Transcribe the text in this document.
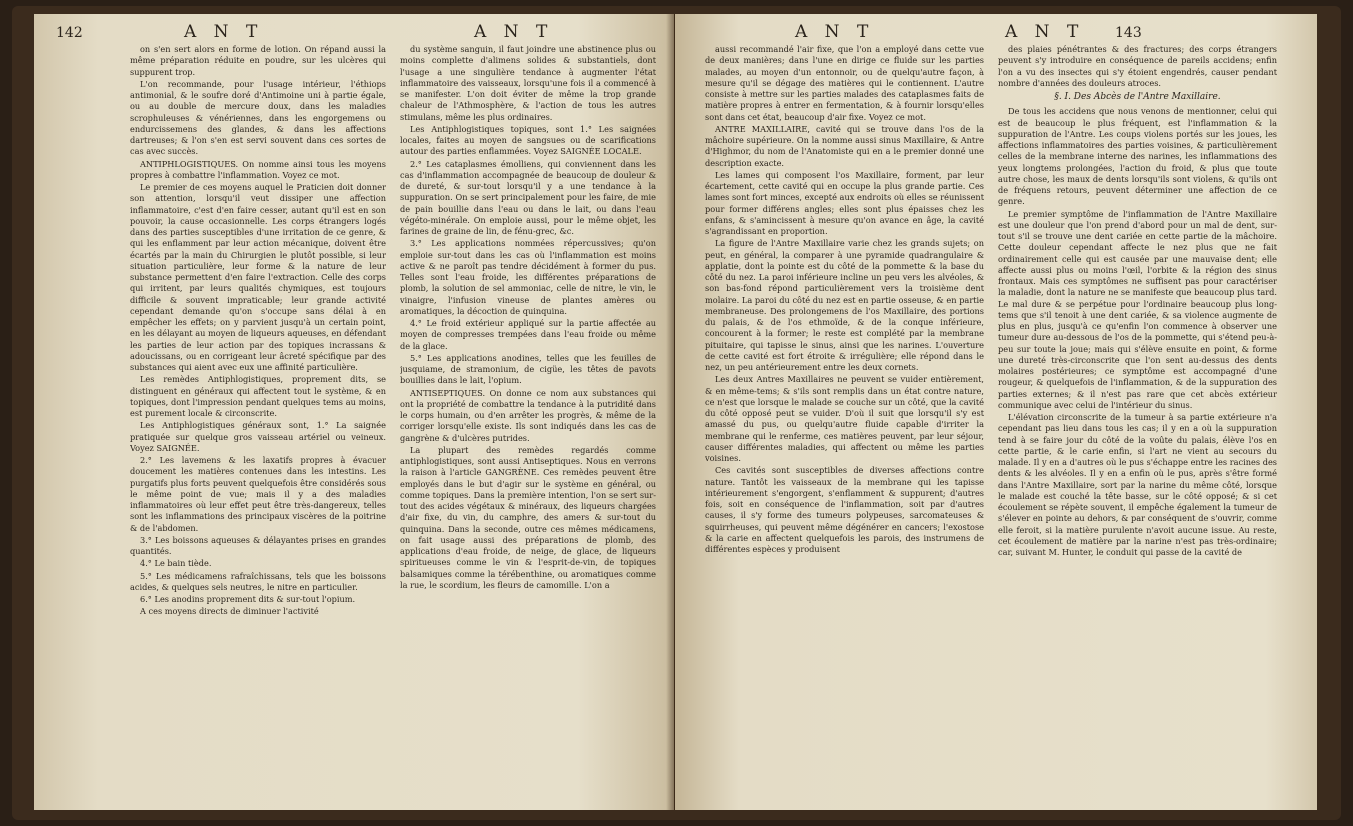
142	A N T	A N T

on s'en sert alors en forme de lotion. On répand aussi la même préparation réduite en poudre, sur les ulcères qui suppurent trop.

L'on recommande, pour l'usage intérieur, l'éthiops antimonial, & le soufre doré d'Antimoine uni à partie égale, ou au double de mercure doux, dans les maladies scrophuleuses & vénériennes, dans les engorgemens ou endurcissemens des glandes, & dans les affections dartreuses; & l'on s'en est servi souvent dans ces sortes de cas avec succès.

ANTIPHLOGISTIQUES. On nomme ainsi tous les moyens propres à combattre l'inflammation. Voyez ce mot.

Le premier de ces moyens auquel le Praticien doit donner son attention, lorsqu'il veut dissiper une affection inflammatoire, c'est d'en faire cesser, autant qu'il est en son pouvoir, la cause occasionnelle. Les corps étrangers logés dans des parties susceptibles d'une irritation de ce genre, & qui les enflamment par leur action mécanique, doivent être écartés par la main du Chirurgien le plutôt possible, si leur situation particulière, leur forme & la nature de leur substance permettent d'en faire l'extraction. Celle des corps qui irritent, par leurs qualités chymiques, est toujours difficile & souvent impraticable; leur grande activité cependant demande qu'on s'occupe sans délai à en empêcher les effets; on y parvient jusqu'à un certain point, en les délayant au moyen de liqueurs aqueuses, en défendant les parties de leur action par des topiques incrassans & adoucissans, ou en corrigeant leur âcreté spécifique par des substances qui aient avec eux une affinité particulière.

Les remèdes Antiphlogistiques, proprement dits, se distinguent en généraux qui affectent tout le système, & en topiques, dont l'impression pendant quelques tems au moins, est purement locale & circonscrite.

Les Antiphlogistiques généraux sont, 1.° La saignée pratiquée sur quelque gros vaisseau artériel ou veineux. Voyez SAIGNÉE.

2.° Les lavemens & les laxatifs propres à évacuer doucement les matières contenues dans les intestins. Les purgatifs plus forts peuvent quelquefois être considérés sous le même point de vue; mais il y a des maladies inflammatoires où leur effet peut être très-dangereux, telles sont les inflammations des principaux viscères de la poitrine & de l'abdomen.

3.° Les boissons aqueuses & délayantes prises en grandes quantités.

4.° Le bain tiède.

5.° Les médicamens rafraîchissans, tels que les boissons acides, & quelques sels neutres, le nitre en particulier.

6.° Les anodins proprement dits & sur-tout l'opium.

A ces moyens directs de diminuer l'activité

du système sanguin, il faut joindre une abstinence plus ou moins complette d'alimens solides & substantiels, dont l'usage a une singulière tendance à augmenter l'état inflammatoire des vaisseaux, lorsqu'une fois il a commencé à se manifester. L'on doit éviter de même la trop grande chaleur de l'Athmosphère, & l'action de tous les autres stimulans, même les plus ordinaires.

Les Antiphlogistiques topiques, sont 1.° Les saignées locales, faites au moyen de sangsues ou de scarifications autour des parties enflammées. Voyez SAIGNÉE LOCALE.

2.° Les cataplasmes émolliens, qui conviennent dans les cas d'inflammation accompagnée de beaucoup de douleur & de dureté, & sur-tout lorsqu'il y a une tendance à la suppuration. On se sert principalement pour les faire, de mie de pain bouillie dans l'eau ou dans le lait, ou dans l'eau végéto-minérale. On emploie aussi, pour le même objet, les farines de graine de lin, de fénu-grec, &c.

3.° Les applications nommées répercussives; qu'on emploie sur-tout dans les cas où l'inflammation est moins active & ne paroît pas tendre décidément à former du pus. Telles sont l'eau froide, les différentes préparations de plomb, la solution de sel ammoniac, celle de nitre, le vin, le vinaigre, l'infusion vineuse de plantes amères ou aromatiques, la décoction de quinquina.

4.° Le froid extérieur appliqué sur la partie affectée au moyen de compresses trempées dans l'eau froide ou même de la glace.

5.° Les applications anodines, telles que les feuilles de jusquiame, de stramonium, de cigüe, les têtes de pavots bouillies dans le lait, l'opium.

ANTISEPTIQUES. On donne ce nom aux substances qui ont la propriété de combattre la tendance à la putridité dans le corps humain, ou d'en arrêter les progrès, & même de la corriger lorsqu'elle existe. Ils sont indiqués dans les cas de gangrène & d'ulcères putrides.

La plupart des remèdes regardés comme antiphlogistiques, sont aussi Antiseptiques. Nous en verrons la raison à l'article GANGRÈNE. Ces remèdes peuvent être employés dans le but d'agir sur le système en général, ou comme topiques. Dans la première intention, l'on se sert sur-tout des acides végétaux & minéraux, des liqueurs chargées d'air fixe, du vin, du camphre, des amers & sur-tout du quinquina. Dans la seconde, outre ces mêmes médicamens, on fait usage aussi des préparations de plomb, des applications d'eau froide, de neige, de glace, de liqueurs spiritueuses comme le vin & l'esprit-de-vin, de topiques balsamiques comme la térébenthine, ou aromatiques comme la rue, le scordium, les fleurs de camomille. L'on a

A N T	A N T 143

aussi recommandé l'air fixe, que l'on a employé dans cette vue de deux manières; dans l'une en dirige ce fluide sur les parties malades, au moyen d'un entonnoir, ou de quelqu'autre façon, à mesure qu'il se dégage des matières qui le contiennent. L'autre consiste à mettre sur les parties malades des cataplasmes faits de matière propres à entrer en fermentation, & à fournir lorsqu'elles sont dans cet état, beaucoup d'air fixe. Voyez ce mot.

ANTRE MAXILLAIRE, cavité qui se trouve dans l'os de la mâchoire supérieure. On la nomme aussi sinus Maxillaire, & Antre d'Highmor, du nom de l'Anatomiste qui en a le premier donné une description exacte.

Les lames qui composent l'os Maxillaire, forment, par leur écartement, cette cavité qui en occupe la plus grande partie. Ces lames sont fort minces, excepté aux endroits où elles se réunissent pour former différens angles; elles sont plus épaisses chez les enfans, & s'amincissent à mesure qu'on avance en âge, la cavité s'agrandissant en proportion.

La figure de l'Antre Maxillaire varie chez les grands sujets; on peut, en général, la comparer à une pyramide quadrangulaire & applatie, dont la pointe est du côté de la pommette & la base du côté du nez. La paroi inférieure incline un peu vers les alvéoles, & son bas-fond répond particulièrement vers la troisième dent molaire. La paroi du côté du nez est en partie osseuse, & en partie membraneuse. Des prolongemens de l'os Maxillaire, des portions du palais, & de l'os ethmoïde, & de la conque inférieure, concourent à la former; le reste est complété par la membrane pituitaire, qui tapisse le sinus, ainsi que les narines. L'ouverture de cette cavité est fort étroite & irrégulière; elle répond dans le nez, un peu antérieurement entre les deux cornets.

Les deux Antres Maxillaires ne peuvent se vuider entièrement, & en même-tems; & s'ils sont remplis dans un état contre nature, ce n'est que lorsque le malade se couche sur un côté, que la cavité du côté opposé peut se vuider. D'où il suit que lorsqu'il s'y est amassé du pus, ou quelqu'autre fluide capable d'irriter la membrane qui le renferme, ces matières peuvent, par leur séjour, causer différentes maladies, qui affectent ou même les parties voisines.

Ces cavités sont susceptibles de diverses affections contre nature. Tantôt les vaisseaux de la membrane qui les tapisse intérieurement s'engorgent, s'enflamment & suppurent; d'autres fois, soit en conséquence de l'inflammation, soit par d'autres causes, il s'y forme des tumeurs polypeuses, sarcomateuses & squirrheuses, qui peuvent même dégénérer en cancers; l'exostose & la carie en affectent quelquefois les parois, des instrumens de différentes espèces y produisent

des plaies pénétrantes & des fractures; des corps étrangers peuvent s'y introduire en conséquence de pareils accidens; enfin l'on a vu des insectes qui s'y étoient engendrés, causer pendant nombre d'années des douleurs atroces.

§. I. Des Abcès de l'Antre Maxillaire.

De tous les accidens que nous venons de mentionner, celui qui est de beaucoup le plus fréquent, est l'inflammation & la suppuration de l'Antre. Les coups violens portés sur les joues, les affections inflammatoires des parties voisines, & particulièrement celles de la membrane interne des narines, les inflammations des yeux longtems prolongées, l'action du froid, & plus que toute autre chose, les maux de dents lorsqu'ils sont violens, & qu'ils ont de fréquens retours, peuvent déterminer une affection de ce genre.

Le premier symptôme de l'inflammation de l'Antre Maxillaire est une douleur que l'on prend d'abord pour un mal de dent, sur-tout s'il se trouve une dent cariée en cette partie de la mâchoire. Cette douleur cependant affecte le nez plus que ne fait ordinairement celle qui est causée par une mauvaise dent; elle affecte aussi plus ou moins l'œil, l'orbite & la région des sinus frontaux. Mais ces symptômes ne suffisent pas pour caractériser la maladie, dont la nature ne se manifeste que beaucoup plus tard. Le mal dure & se perpétue pour l'ordinaire beaucoup plus long-tems que s'il tenoit à une dent cariée, & sa violence augmente de plus en plus, jusqu'à ce qu'enfin l'on commence à observer une tumeur dure au-dessous de l'os de la pommette, qui s'étend peu-à-peu sur toute la joue; mais qui s'élève ensuite en point, & forme une dureté très-circonscrite que l'on sent au-dessus des dents molaires postérieures; ce symptôme est accompagné d'une rougeur, & quelquefois de l'inflammation, & de la suppuration des parties externes; & il n'est pas rare que cet abcès extérieur communique avec celui de l'intérieur du sinus.

L'élévation circonscrite de la tumeur à sa partie extérieure n'a cependant pas lieu dans tous les cas; il y en a où la suppuration tend à se faire jour du côté de la voûte du palais, élève l'os en cette partie, & le carie enfin, si l'art ne vient au secours du malade. Il y en a d'autres où le pus s'échappe entre les racines des dents & les alvéoles. Il y en a enfin où le pus, après s'être formé dans l'Antre Maxillaire, sort par la narine du même côté, lorsque le malade est couché la tête basse, sur le côté opposé; & si cet écoulement se répète souvent, il empêche également la tumeur de s'élever en pointe au dehors, & par conséquent de s'ouvrir, comme elle feroit, si la matière purulente n'avoit aucune issue. Au reste, cet écoulement de matière par la narine n'est pas très-ordinaire; car, suivant M. Hunter, le conduit qui passe de la cavité de
